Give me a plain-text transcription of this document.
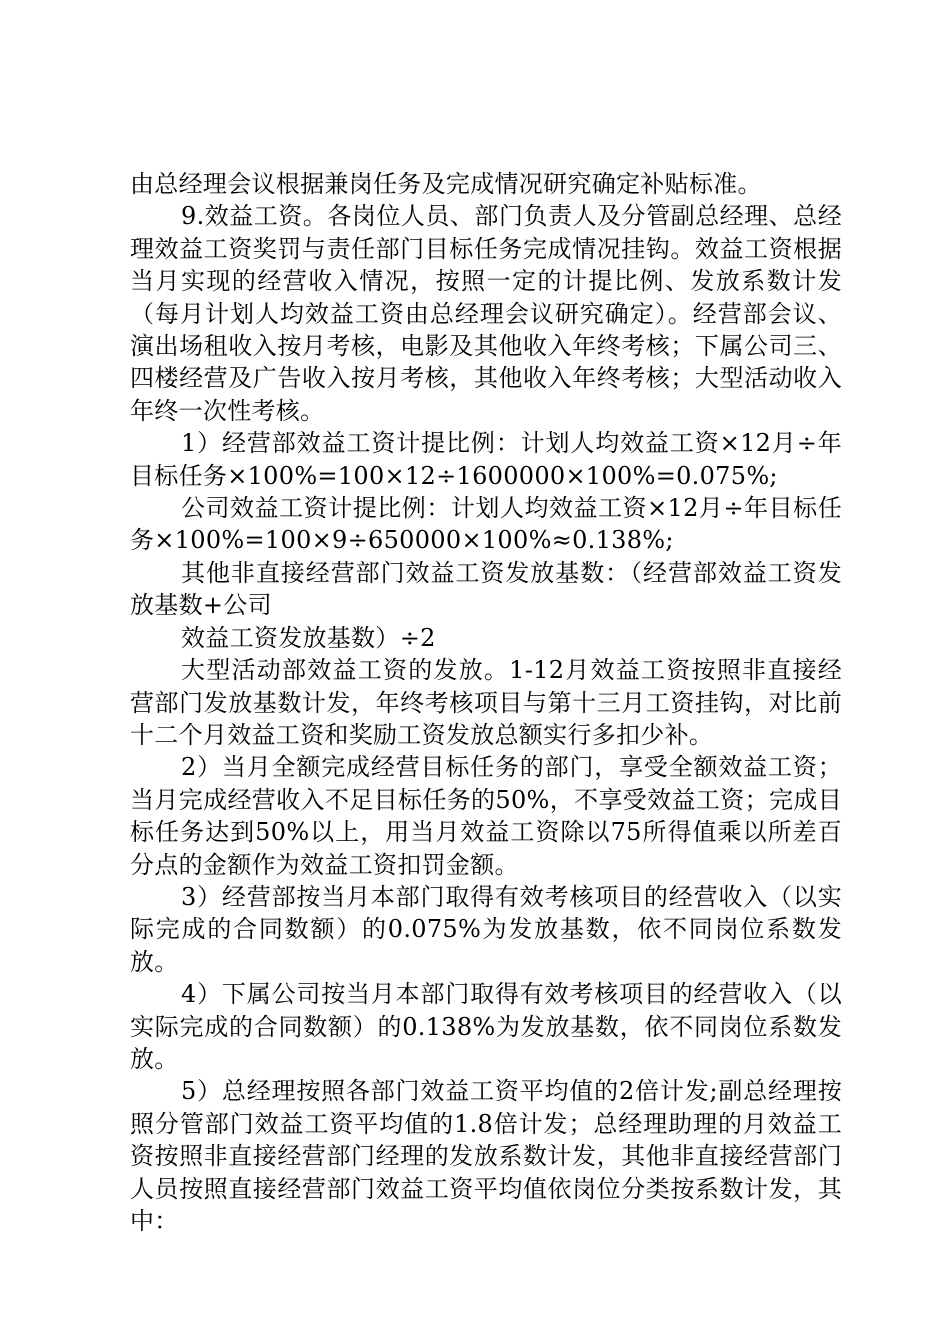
由总经理会议根据兼岗任务及完成情况研究确定补贴标准。

9.效益工资。各岗位人员、部门负责人及分管副总经理、总经理效益工资奖罚与责任部门目标任务完成情况挂钩。效益工资根据当月实现的经营收入情况，按照一定的计提比例、发放系数计发（每月计划人均效益工资由总经理会议研究确定）。经营部会议、演出场租收入按月考核，电影及其他收入年终考核；下属公司三、四楼经营及广告收入按月考核，其他收入年终考核；大型活动收入年终一次性考核。

1）经营部效益工资计提比例：计划人均效益工资×12月÷年目标任务×100%=100×12÷1600000×100%=0.075%;

公司效益工资计提比例：计划人均效益工资×12月÷年目标任务×100%=100×9÷650000×100%≈0.138%;

其他非直接经营部门效益工资发放基数：（经营部效益工资发放基数+公司

效益工资发放基数）÷2

大型活动部效益工资的发放。1-12月效益工资按照非直接经营部门发放基数计发，年终考核项目与第十三月工资挂钩，对比前十二个月效益工资和奖励工资发放总额实行多扣少补。

2）当月全额完成经营目标任务的部门，享受全额效益工资；当月完成经营收入不足目标任务的50%，不享受效益工资；完成目标任务达到50%以上，用当月效益工资除以75所得值乘以所差百分点的金额作为效益工资扣罚金额。

3）经营部按当月本部门取得有效考核项目的经营收入（以实际完成的合同数额）的0.075%为发放基数，依不同岗位系数发放。

4）下属公司按当月本部门取得有效考核项目的经营收入（以实际完成的合同数额）的0.138%为发放基数，依不同岗位系数发放。

5）总经理按照各部门效益工资平均值的2倍计发;副总经理按照分管部门效益工资平均值的1.8倍计发；总经理助理的月效益工资按照非直接经营部门经理的发放系数计发，其他非直接经营部门人员按照直接经营部门效益工资平均值依岗位分类按系数计发，其中：
